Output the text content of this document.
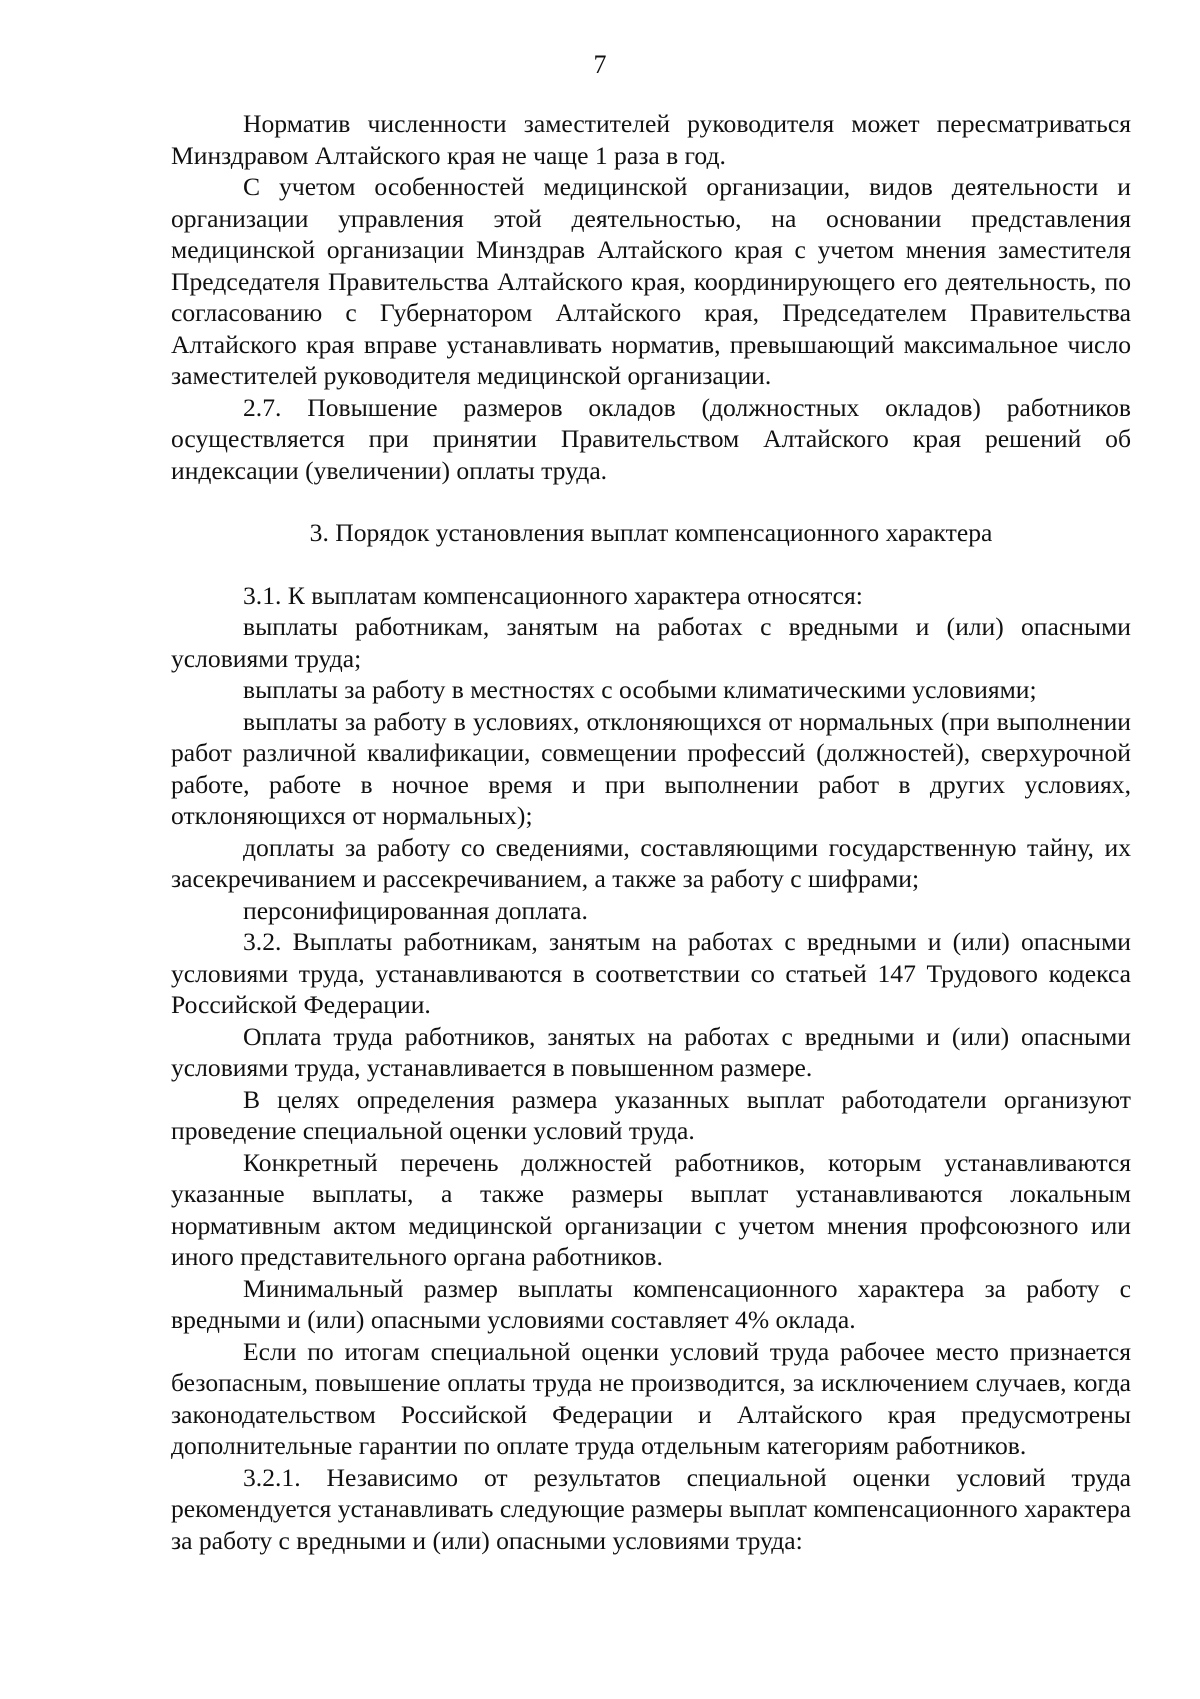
7

Норматив численности заместителей руководителя может пересматриваться Минздравом Алтайского края не чаще 1 раза в год.

С учетом особенностей медицинской организации, видов деятельности и организации управления этой деятельностью, на основании представления медицинской организации Минздрав Алтайского края с учетом мнения заместителя Председателя Правительства Алтайского края, координирующего его деятельность, по согласованию с Губернатором Алтайского края, Председателем Правительства Алтайского края вправе устанавливать норматив, превышающий максимальное число заместителей руководителя медицинской организации.

2.7. Повышение размеров окладов (должностных окладов) работников осуществляется при принятии Правительством Алтайского края решений об индексации (увеличении) оплаты труда.

3. Порядок установления выплат компенсационного характера

3.1. К выплатам компенсационного характера относятся:

выплаты работникам, занятым на работах с вредными и (или) опасными условиями труда;

выплаты за работу в местностях с особыми климатическими условиями;

выплаты за работу в условиях, отклоняющихся от нормальных (при выполнении работ различной квалификации, совмещении профессий (должностей), сверхурочной работе, работе в ночное время и при выполнении работ в других условиях, отклоняющихся от нормальных);

доплаты за работу со сведениями, составляющими государственную тайну, их засекречиванием и рассекречиванием, а также за работу с шифрами;

персонифицированная доплата.

3.2. Выплаты работникам, занятым на работах с вредными и (или) опасными условиями труда, устанавливаются в соответствии со статьей 147 Трудового кодекса Российской Федерации.

Оплата труда работников, занятых на работах с вредными и (или) опасными условиями труда, устанавливается в повышенном размере.

В целях определения размера указанных выплат работодатели организуют проведение специальной оценки условий труда.

Конкретный перечень должностей работников, которым устанавливаются указанные выплаты, а также размеры выплат устанавливаются локальным нормативным актом медицинской организации с учетом мнения профсоюзного или иного представительного органа работников.

Минимальный размер выплаты компенсационного характера за работу с вредными и (или) опасными условиями составляет 4% оклада.

Если по итогам специальной оценки условий труда рабочее место признается безопасным, повышение оплаты труда не производится, за исключением случаев, когда законодательством Российской Федерации и Алтайского края предусмотрены дополнительные гарантии по оплате труда отдельным категориям работников.

3.2.1. Независимо от результатов специальной оценки условий труда рекомендуется устанавливать следующие размеры выплат компенсационного характера за работу с вредными и (или) опасными условиями труда:
